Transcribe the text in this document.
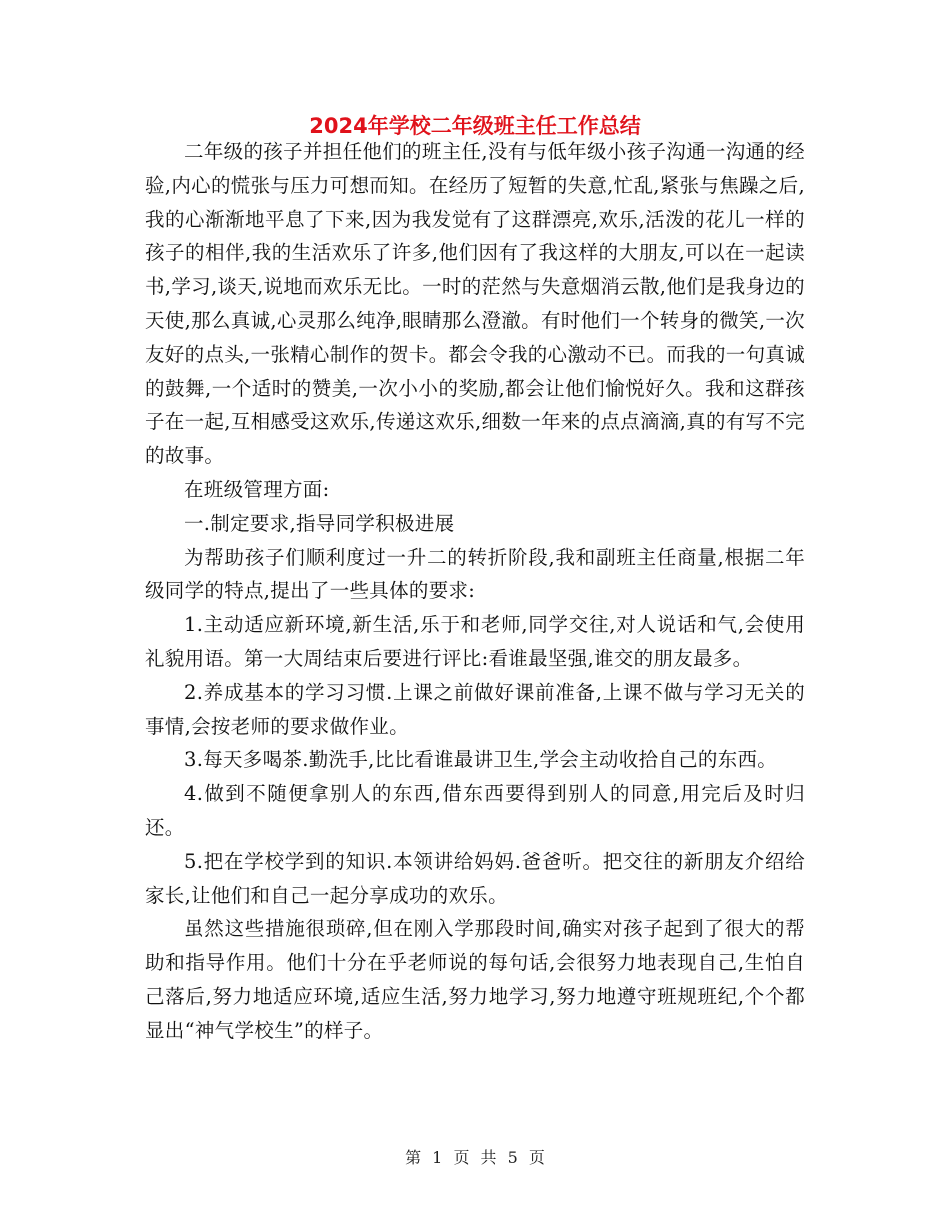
2024年学校二年级班主任工作总结

二年级的孩子并担任他们的班主任,没有与低年级小孩子沟通一沟通的经验,内心的慌张与压力可想而知。在经历了短暂的失意,忙乱,紧张与焦躁之后,我的心渐渐地平息了下来,因为我发觉有了这群漂亮,欢乐,活泼的花儿一样的孩子的相伴,我的生活欢乐了许多,他们因有了我这样的大朋友,可以在一起读书,学习,谈天,说地而欢乐无比。一时的茫然与失意烟消云散,他们是我身边的天使,那么真诚,心灵那么纯净,眼睛那么澄澈。有时他们一个转身的微笑,一次友好的点头,一张精心制作的贺卡。都会令我的心激动不已。而我的一句真诚的鼓舞,一个适时的赞美,一次小小的奖励,都会让他们愉悦好久。我和这群孩子在一起,互相感受这欢乐,传递这欢乐,细数一年来的点点滴滴,真的有写不完的故事。

在班级管理方面:

一.制定要求,指导同学积极进展

为帮助孩子们顺利度过一升二的转折阶段,我和副班主任商量,根据二年级同学的特点,提出了一些具体的要求:

1.主动适应新环境,新生活,乐于和老师,同学交往,对人说话和气,会使用礼貌用语。第一大周结束后要进行评比:看谁最坚强,谁交的朋友最多。

2.养成基本的学习习惯.上课之前做好课前准备,上课不做与学习无关的事情,会按老师的要求做作业。

3.每天多喝茶.勤洗手,比比看谁最讲卫生,学会主动收拾自己的东西。

4.做到不随便拿别人的东西,借东西要得到别人的同意,用完后及时归还。

5.把在学校学到的知识.本领讲给妈妈.爸爸听。把交往的新朋友介绍给家长,让他们和自己一起分享成功的欢乐。

虽然这些措施很琐碎,但在刚入学那段时间,确实对孩子起到了很大的帮助和指导作用。他们十分在乎老师说的每句话,会很努力地表现自己,生怕自己落后,努力地适应环境,适应生活,努力地学习,努力地遵守班规班纪,个个都显出“神气学校生”的样子。

第 1 页 共 5 页
